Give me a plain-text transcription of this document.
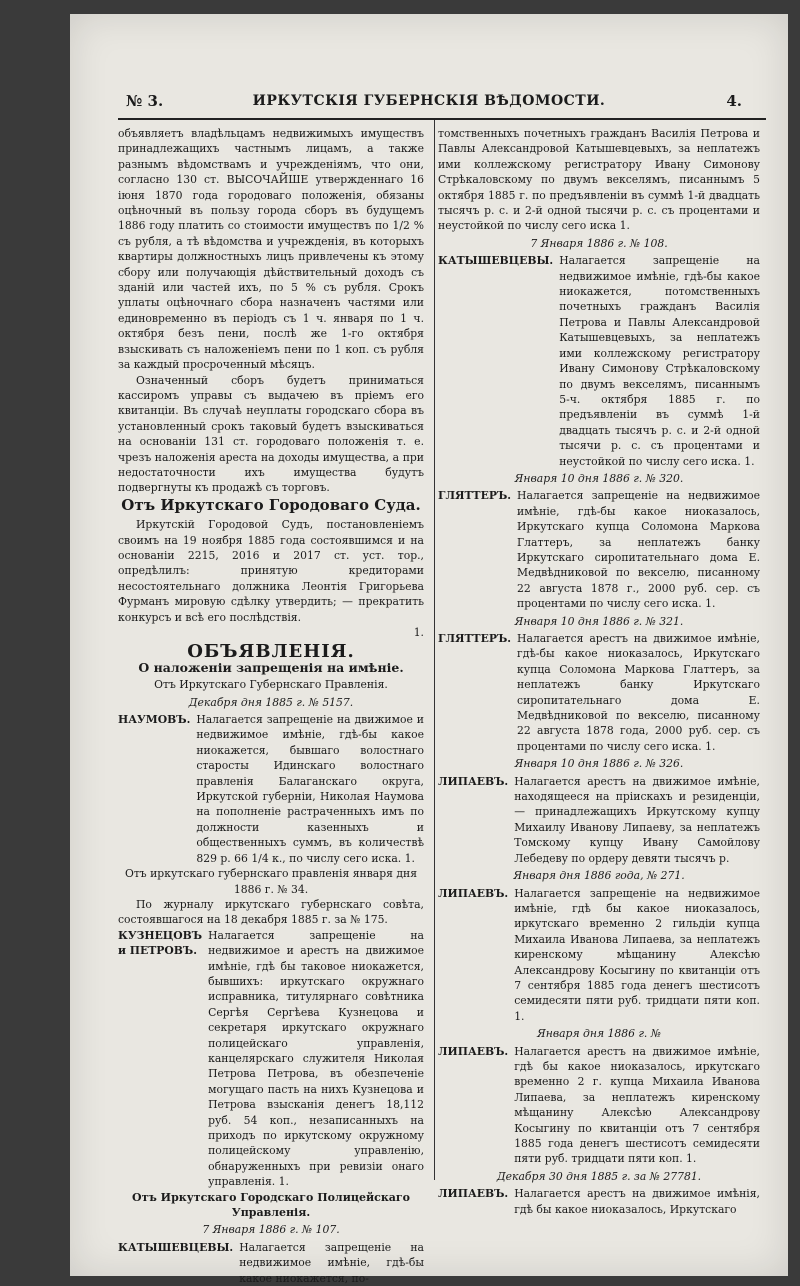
№ 3.	ИРКУТСКІЯ ГУБЕРНСКІЯ ВѢДОМОСТИ.	4.

объявляетъ владѣльцамъ недвижимыхъ имуществъ принадлежащихъ частнымъ лицамъ, а также разнымъ вѣдомствамъ и учрежденіямъ, что они, согласно 130 ст. ВЫСОЧАЙШЕ утвержденнаго 16 іюня 1870 года городоваго положенія, обязаны оцѣночный въ пользу города сборъ въ будущемъ 1886 году платить со стоимости имуществъ по 1/2 % съ рубля, а тѣ вѣдомства и учрежденія, въ которыхъ квартиры должностныхъ лицъ привлечены къ этому сбору или получающія дѣйствительный доходъ съ зданій или частей ихъ, по 5 % съ рубля. Срокъ уплаты оцѣночнаго сбора назначенъ частями или единовременно въ періодъ съ 1 ч. января по 1 ч. октября безъ пени, послѣ же 1-го октября взыскивать съ наложеніемъ пени по 1 коп. съ рубля за каждый просроченный мѣсяцъ.

Означенный сборъ будетъ приниматься кассиромъ управы съ выдачею въ пріемъ его квитанціи. Въ случаѣ неуплаты городскаго сбора въ установленный срокъ таковый будетъ взыскиваться на основаніи 131 ст. городоваго положенія т. е. чрезъ наложенія ареста на доходы имущества, а при недостаточности ихъ имущества будутъ подвергнуты къ продажѣ съ торговъ.

Отъ Иркутскаго Городоваго Суда.

Иркутскій Городовой Судъ, постановленіемъ своимъ на 19 ноября 1885 года состоявшимся и на основаніи 2215, 2016 и 2017 ст. уст. тор., опредѣлилъ: принятую кредиторами несостоятельнаго должника Леонтія Григорьева Фурманъ мировую сдѣлку утвердить; — прекратить конкурсъ и всѣ его послѣдствія.

1.

ОБЪЯВЛЕНІЯ.

О наложеніи запрещенія на имѣніе.

Отъ Иркутскаго Губернскаго Правленія.

Декабря дня 1885 г. № 5157.

НАУМОВЪ. Налагается запрещеніе на движимое и недвижимое имѣніе, гдѣ-бы какое ниокажется, бывшаго волостнаго старосты Идинскаго волостнаго правленія Балаганскаго округа, Иркутской губерніи, Николая Наумова на пополненіе растраченныхъ имъ по должности казенныхъ и общественныхъ суммъ, въ количествѣ 829 р. 66 1/4 к., по числу сего иска. 1.

Отъ иркутскаго губернскаго правленія января дня 1886 г. № 34.

По журналу иркутскаго губернскаго совѣта, состоявшагося на 18 декабря 1885 г. за № 175.

КУЗНЕЦОВЪ и ПЕТРОВЪ.
Налагается запрещеніе на недвижимое и арестъ на движимое имѣніе, гдѣ бы таковое ниокажется, бывшихъ: иркутскаго окружнаго исправника, титулярнаго совѣтника Сергѣя Сергѣева Кузнецова и секретаря иркутскаго окружнаго полицейскаго управленія, канцелярскаго служителя Николая Петрова Петрова, въ обезпеченіе могущаго пасть на нихъ Кузнецова и Петрова взысканія денегъ 18,112 руб. 54 коп., незаписанныхъ на приходъ по иркутскому окружному полицейскому управленію, обнаруженныхъ при ревизіи онаго управленія. 1.

Отъ Иркутскаго Городскаго Полицейскаго Управленія.

7 Января 1886 г. № 107.

КАТЫШЕВЦЕВЫ. Налагается запрещеніе на недвижимое имѣніе, гдѣ-бы какое ниокажется, по-

томственныхъ почетныхъ гражданъ Василія Петрова и Павлы Александровой Катышевцевыхъ, за неплатежъ ими коллежскому регистратору Ивану Симонову Стрѣкаловскому по двумъ векселямъ, писаннымъ 5 октября 1885 г. по предъявленіи въ суммѣ 1-й двадцать тысячъ р. с. и 2-й одной тысячи р. с. съ процентами и неустойкой по числу сего иска 1.

7 Января 1886 г. № 108.

КАТЫШЕВЦЕВЫ. Налагается запрещеніе на недвижимое имѣніе, гдѣ-бы какое ниокажется, потомственныхъ почетныхъ гражданъ Василія Петрова и Павлы Александровой Катышевцевыхъ, за неплатежъ ими коллежскому регистратору Ивану Симонову Стрѣкаловскому по двумъ векселямъ, писаннымъ 5-ч. октября 1885 г. по предъявленіи въ суммѣ 1-й двадцать тысячъ р. с. и 2-й одной тысячи р. с. съ процентами и неустойкой по числу сего иска. 1.

Января 10 дня 1886 г. № 320.

ГЛЯТТЕРЪ. Налагается запрещеніе на недвижимое имѣніе, гдѣ-бы какое ниоказалось, Иркутскаго купца Соломона Маркова Глаттеръ, за неплатежъ банку Иркутскаго сиропитательнаго дома Е. Медвѣдниковой по векселю, писанному 22 августа 1878 г., 2000 руб. сер. съ процентами по числу сего иска. 1.

Января 10 дня 1886 г. № 321.

ГЛЯТТЕРЪ. Налагается арестъ на движимое имѣніе, гдѣ-бы какое ниоказалось, Иркутскаго купца Соломона Маркова Глаттеръ, за неплатежъ банку Иркутскаго сиропитательнаго дома Е. Медвѣдниковой по векселю, писанному 22 августа 1878 года, 2000 руб. сер. съ процентами по числу сего иска. 1.

Января 10 дня 1886 г. № 326.

ЛИПАЕВЪ. Налагается арестъ на движимое имѣніе, находящееся на пріискахъ и резиденціи, — принадлежащихъ Иркутскому купцу Михаилу Иванову Липаеву, за неплатежъ Томскому купцу Ивану Самойлову Лебедеву по ордеру девяти тысячъ р.

Января дня 1886 года, № 271.

ЛИПАЕВЪ. Налагается запрещеніе на недвижимое имѣніе, гдѣ бы какое ниоказалось, иркутскаго временно 2 гильдіи купца Михаила Иванова Липаева, за неплатежъ киренскому мѣщанину Алексѣю Александрову Косыгину по квитанціи отъ 7 сентября 1885 года денегъ шестисотъ семидесяти пяти руб. тридцати пяти коп. 1.

Января дня 1886 г. №

ЛИПАЕВЪ. Налагается арестъ на движимое имѣніе, гдѣ бы какое ниоказалось, иркутскаго временно 2 г. купца Михаила Иванова Липаева, за неплатежъ киренскому мѣщанину Алексѣю Александрову Косыгину по квитанціи отъ 7 сентября 1885 года денегъ шестисотъ семидесяти пяти руб. тридцати пяти коп. 1.

Декабря 30 дня 1885 г. за № 27781.

ЛИПАЕВЪ. Налагается арестъ на движимое имѣнія, гдѣ бы какое ниоказалось, Иркутскаго
